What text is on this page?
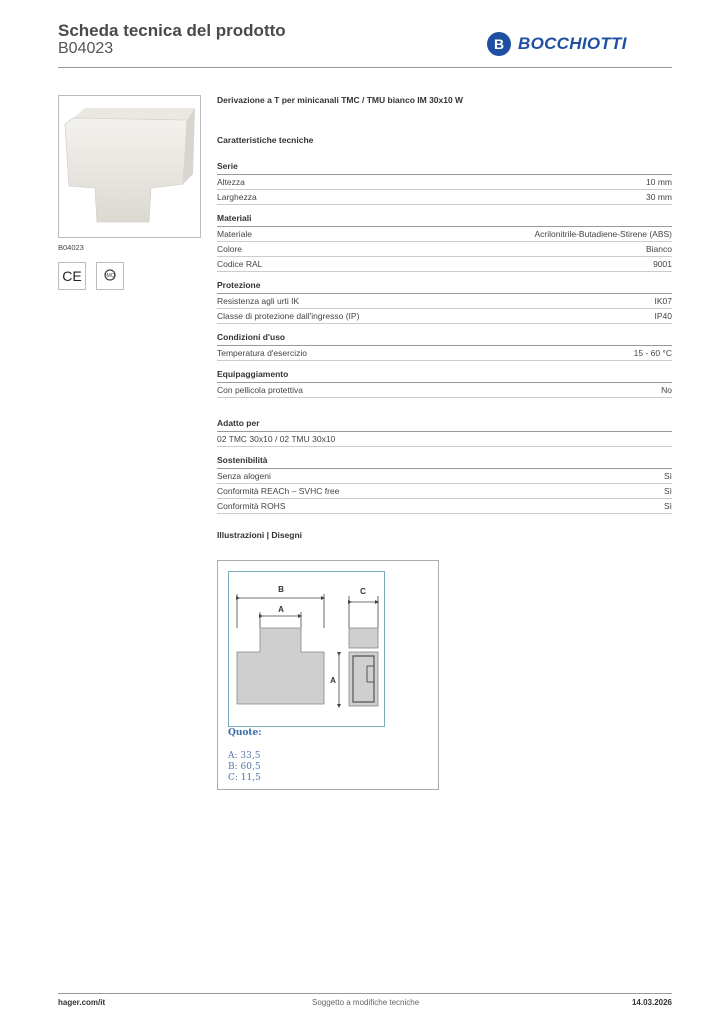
Scheda tecnica del prodotto
B04023	B BOCCHIOTTI
B04023
CE	IMQ
Derivazione a T per minicanali TMC / TMU bianco IM 30x10 W
Caratteristiche tecniche
Serie
Altezza	10 mm
Larghezza	30 mm
Materiali
Materiale	Acrilonitrile-Butadiene-Stirene (ABS)
Colore	Bianco
Codice RAL	9001
Protezione
Resistenza agli urti IK	IK07
Classe di protezione dall'ingresso (IP)	IP40
Condizioni d'uso
Temperatura d'esercizio	15 - 60 °C
Equipaggiamento
Con pellicola protettiva	No
Adatto per
02 TMC 30x10 / 02 TMU 30x10
Sostenibilità
Senza alogeni	Sì
Conformità REACh – SVHC free	Sì
Conformità ROHS	Sì
Illustrazioni | Disegni
B
A
C
A
Quote:
A: 33,5
B: 60,5
C: 11,5
hager.com/it	Soggetto a modifiche tecniche	14.03.2026
